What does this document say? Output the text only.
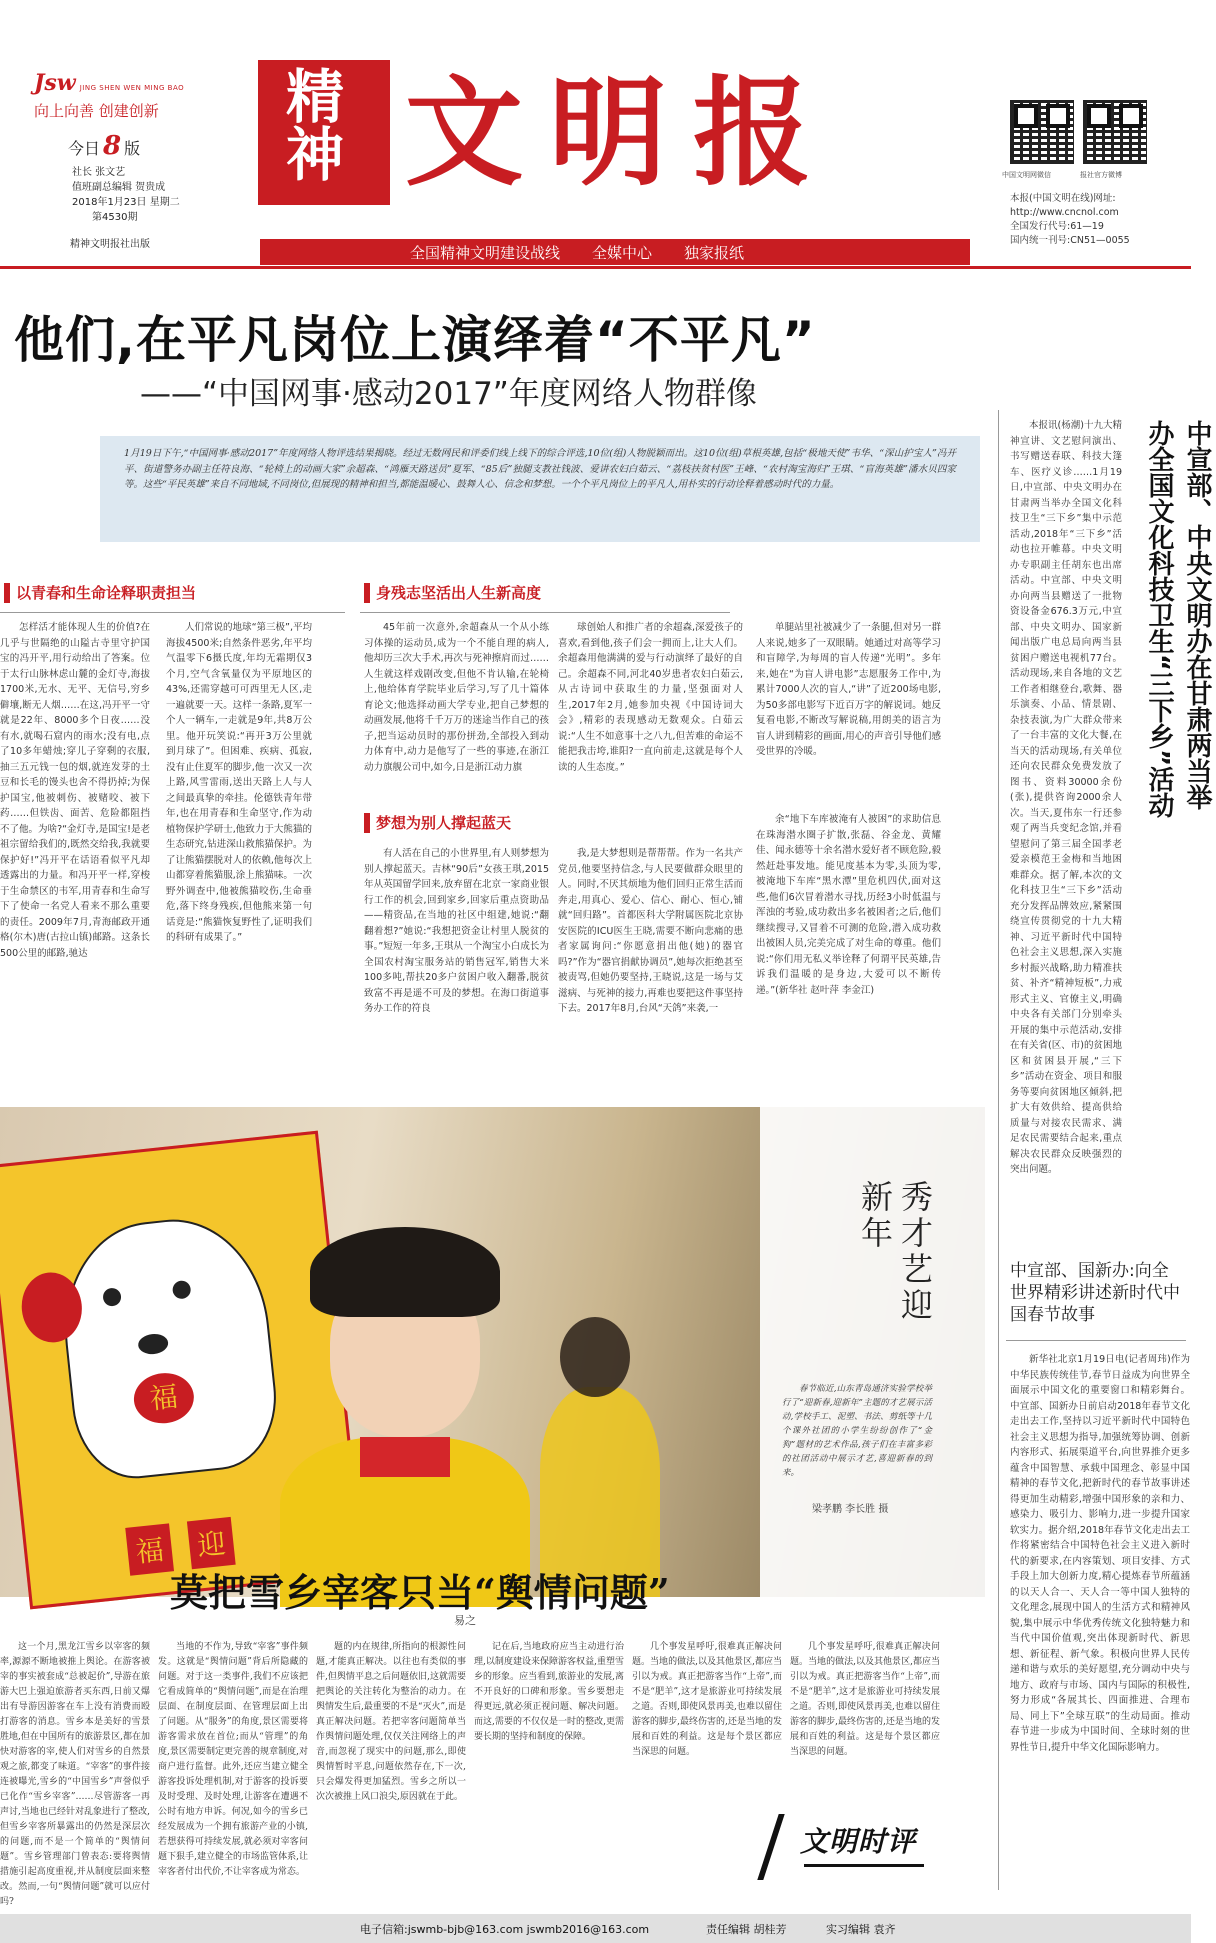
Jsw JING SHEN WEN MING BAO
向上向善 创建创新
今日 8 版
社长 张文艺
值班副总编辑 贺贵成
2018年1月23日 星期二
第4530期
精神文明报社出版
精神 文明报	中国文明网微信	报社官方微博
本报(中国文明在线)网址:
http://www.cncnol.com
全国发行代号:61—19
国内统一刊号:CN51—0055
全国精神文明建设战线 全媒中心 独家报纸
他们,在平凡岗位上演绎着“不平凡”
——“中国网事·感动2017”年度网络人物群像
1月19日下午,“中国网事·感动2017”年度网络人物评选结果揭晓。经过无数网民和评委们线上线下的综合评选,10位(组)人物脱颖而出。这10位(组)草根英雄,包括“极地天使”韦华、“深山护宝人”冯开平、街道警务办副主任符良海、“轮椅上的动画大家”余超森、“鸿雁天路送员”夏军、“85后”独腿支教社钱波、爱讲农妇白茹云、“荔枝扶贫村医”王峰、“农村淘宝海归”王琪、“盲海英雄”潘水贝四家等。这些“平民英雄”来自不同地域,不同岗位,但展现的精神和担当,都能温暖心、鼓舞人心、信念和梦想。一个个平凡岗位上的平凡人,用朴实的行动诠释着感动时代的力量。
以青春和生命诠释职责担当

怎样活才能体现人生的价值?在几乎与世隔绝的山隘古寺里守护国宝的冯开平,用行动给出了答案。位于太行山脉林虑山麓的金灯寺,海拔1700米,无水、无平、无信号,穷乡僻壤,断无人烟……在这,冯开平一守就是22年、8000多个日夜……没有水,就喝石窟内的雨水;没有电,点了10多年蜡烛;穿儿子穿剩的衣服,抽三五元钱一包的烟,就连发芽的土豆和长毛的馒头也舍不得扔掉;为保护国宝,他被刺伤、被赌咬、被下药……但铁齿、面苦、危险都阻挡不了他。为啥?“金灯寺,是国宝!是老祖宗留给我们的,既然交给我,我就要保护好!”冯开平在话语看似平凡却透露出的力量。和冯开平一样,穿梭于生命禁区的韦军,用青春和生命写下了使命一名党人看来不那么重要的责任。2009年7月,青海邮政开通格(尔木)唐(古拉山镇)邮路。这条长500公里的邮路,驰达

人们常说的地球“第三极”,平均海拔4500米;自然条件恶劣,年平均气温零下6摄氏度,年均无霜期仅3个月,空气含氧量仅为平原地区的43%,还需穿越可可西里无人区,走一遍就要一天。这样一条路,夏军一个人一辆车,一走就是9年,共8万公里。他开玩笑说:“再开3万公里就到月球了”。但困难、疾病、孤寂,没有止住夏军的脚步,他一次又一次上路,风雪雷雨,送出天路上人与人之间最真挚的牵挂。伦德铁青年带年,也在用青春和生命坚守,作为动植物保护学研士,他致力于大熊猫的生态研究,钻进深山救熊猫保护。为了让熊猫摆脱对人的依赖,他每次上山都穿着熊猫服,涂上熊猫味。一次野外调查中,他被熊猫咬伤,生命垂危,落下终身残疾,但他熊来第一句话竟是:“熊猫恢复野性了,证明我们的科研有成果了。”

身残志坚活出人生新高度

45年前一次意外,余超森从一个从小练习体操的运动员,成为一个不能自理的病人,他却历三次大手术,再次与死神擦肩而过……人生就这样戏剧改变,但他不肯认输,在轮椅上,他给体育学院毕业后学习,写了几十篇体育论文;他选择动画大学专业,把自己梦想的动画发展,他将千千万万的迷途当作自己的孩子,把当运动员时的那份拼劲,全部投入到动力体育中,动力是他写了一些的事迹,在浙江动力旗舰公司中,如今,日是浙江动力旗

球创始人和推广者的余超森,深爱孩子的喜欢,看到他,孩子们会一拥而上,让大人们。余超森用他满满的爱与行动演绎了最好的自己。余超森不同,河北40岁患者农妇白茹云,从古诗词中获取生的力量,坚强面对人生,2017年2月,她参加央视《中国诗词大会》,精彩的表现感动无数观众。白茹云说:“人生不如意事十之八九,但苦难的命运不能把我击垮,谁阳?一直向前走,这就是每个人读的人生态度。”

梦想为别人撑起蓝天

有人活在自己的小世界里,有人则梦想为别人撑起蓝天。吉林“90后”女孩王琪,2015年从英国留学回来,放弃留在北京一家商业银行工作的机会,回到家乡,回家后重点资助品——精资品,在当地的社区中组建,她说:“翻翻着想?”她说:“我想把资金让村里人脱贫的事。”短短一年多,王琪从一个淘宝小白成长为全国农村淘宝服务站的销售冠军,销售大米100多吨,帮扶20多户贫困户收入翻番,脱贫致富不再是遥不可及的梦想。在海口街道事务办工作的符良

我,是大梦想则是帮帮帮。作为一名共产党员,他要坚持信念,与人民要做群众眼里的人。同时,不厌其烦地为他们回归正常生活而奔走,用真心、爱心、信心、耐心、恒心,铺就“回归路”。首都医科大学附属医院北京协安医院的ICU医生王晓,需要不断向悲痛的患者家属询问:“你愿意捐出他(她)的器官吗?”作为“器官捐献协调员”,她每次拒绝甚至被责骂,但她仍要坚持,王晓说,这是一场与艾滋病、与死神的接力,再难也要把这件事坚持下去。2017年8月,台风“天鸽”来袭,一

单腿站里社被减少了一条腿,但对另一群人来说,她多了一双眼睛。她通过对高等学习和盲障学,为每周的盲人传递“光明”。多年来,她在“为盲人讲电影”志愿服务工作中,为累计7000人次的盲人,“讲”了近200场电影,为50多部电影写下近百万字的解说词。她反复看电影,不断改写解说稿,用朗美的语言为盲人讲到精彩的画面,用心的声音引导他们感受世界的冷暖。

余“地下车库被淹有人被困”的求助信息在珠海潜水圈子扩散,张磊、谷金龙、黄耀佳、闻永德等十余名潜水爱好者不顾危险,毅然赶赴事发地。能见度基本为零,头顶为零,被淹地下车库“黑水潭”里危机四伏,面对这些,他们6次冒着潜水寻找,历经3小时低温与浑浊的考验,成功救出多名被困者;之后,他们继续搜寻,又冒着不可测的危险,潜入成功救出被困人员,完美完成了对生命的尊重。他们说:“你们用无私义举诠释了何谓平民英雄,告诉我们温暖的是身边,大爱可以不断传递。”(新华社 赵叶萍 李金江)

中宣部、中央文明办在甘肃两当举办全国文化科技卫生“三下乡”活动

本报讯(杨潮)十九大精神宣讲、文艺慰问演出、书写赠送春联、科技大篷车、医疗义诊……1月19日,中宣部、中央文明办在甘肃两当举办全国文化科技卫生“三下乡”集中示范活动,2018年“三下乡”活动也拉开帷幕。中央文明办专职副主任胡东也出席活动。中宣部、中央文明办向两当县赠送了一批物资设备金676.3万元,中宣部、中央文明办、国家新闻出版广电总局向两当县贫困户赠送电视机77台。活动现场,来自各地的文艺工作者相继登台,歌舞、器乐演奏、小品、情景剧、杂技表演,为广大群众带来了一台丰富的文化大餐,在当天的活动现场,有关单位还向农民群众免费发放了图书、资料30000余份(张),提供咨询2000余人次。当天,夏伟东一行还参观了两当兵变纪念馆,并看望慰问了第三届全国孝老爱亲模范王金梅和当地困难群众。据了解,本次的文化科技卫生“三下乡”活动充分发挥品牌效应,紧紧围绕宣传贯彻党的十九大精神、习近平新时代中国特色社会主义思想,深入实施乡村振兴战略,助力精准扶贫、补齐“精神短板”,力戒形式主义、官僚主义,明确中央各有关部门分别牵头开展的集中示范活动,安排在有关省(区、市)的贫困地区和贫困县开展,“三下乡”活动在资金、项目和服务等要向贫困地区倾斜,把扩大有效供给、提高供给质量与对接农民需求、满足农民需要结合起来,重点解决农民群众反映强烈的突出问题。

中宣部、国新办:向全世界精彩讲述新时代中国春节故事

新华社北京1月19日电(记者周玮)作为中华民族传统佳节,春节日益成为向世界全面展示中国文化的重要窗口和精彩舞台。中宣部、国新办日前启动2018年春节文化走出去工作,坚持以习近平新时代中国特色社会主义思想为指导,加强统筹协调、创新内容形式、拓展渠道平台,向世界推介更多蕴含中国智慧、承载中国理念、彰显中国精神的春节文化,把新时代的春节故事讲述得更加生动精彩,增强中国形象的亲和力、感染力、吸引力、影响力,进一步提升国家软实力。据介绍,2018年春节文化走出去工作将紧密结合中国特色社会主义进入新时代的新要求,在内容策划、项目安排、方式手段上加大创新力度,精心提炼春节所蕴涵的以天人合一、天人合一等中国人独特的文化理念,展现中国人的生活方式和精神风貌,集中展示中华优秀传统文化独特魅力和当代中国价值观,突出体现新时代、新思想、新征程、新气象。积极向世界人民传递和谐与欢乐的美好愿望,充分调动中央与地方、政府与市场、国内与国际的积极性,努力形成“各展其长、四面推进、合理布局、同上下”全球互联”的生动局面。推动春节进一步成为中国时间、全球时刻的世界性节日,提升中华文化国际影响力。

福
福	迎
秀才艺迎新年

春节临近,山东青岛通济实验学校举行了“迎新春,迎新年”主题的才艺展示活动,学校手工、泥塑、书法、剪纸等十几个课外社团的小学生纷纷创作了“金狗”题材的艺术作品,孩子们在丰富多彩的社团活动中展示才艺,喜迎新春的到来。

梁孝鹏 李长胜 摄
莫把雪乡宰客只当“舆情问题”
易之

这一个月,黑龙江雪乡以宰客的频率,源源不断地被推上舆论。在游客被宰的事实被套成“总被起价”,导游在旅游大巴上强迫旅游者买东西,日前又爆出有导游因游客在车上没有消费而殴打游客的消息。雪乡本是美好的雪景胜地,但在中国所有的旅游景区,都在加快对游客的宰,使人们对雪乡的自然景观之旅,都变了味道。“宰客”的事件接连被曝光,雪乡的“中国雪乡”声誉似乎已化作“雪乡宰客”……尽管游客一再声讨,当地也已经针对乱象进行了整改,但雪乡宰客所暴露出的仍然是深层次的问题,而不是一个简单的“舆情问题”。雪乡管理部门曾表态:要将舆情措施引起高度重视,并从制度层面来整改。然而,一句“舆情问题”就可以应付吗?

当地的不作为,导致“宰客”事件频发。这就是“舆情问题”背后所隐藏的问题。对于这一类事件,我们不应该把它看成简单的“舆情问题”,而是在治理层面、在制度层面、在管理层面上出了问题。从“服务”的角度,景区需要将游客需求放在首位;而从“管理”的角度,景区需要制定更完善的规章制度,对商户进行监督。此外,还应当建立健全游客投诉处理机制,对于游客的投诉要及时受理、及时处理,让游客在遭遇不公时有地方申诉。何况,如今的雪乡已经发展成为一个拥有旅游产业的小镇,若想获得可持续发展,就必须对宰客问题下狠手,建立健全的市场监管体系,让宰客者付出代价,不让宰客成为常态。

题的内在规律,所指向的根源性问题,才能真正解决。以往也有类似的事件,但舆情平息之后问题依旧,这就需要把舆论的关注转化为整治的动力。在舆情发生后,最重要的不是“灭火”,而是真正解决问题。若把宰客问题简单当作舆情问题处理,仅仅关注网络上的声音,而忽视了现实中的问题,那么,即使舆情暂时平息,问题依然存在,下一次,只会爆发得更加猛烈。雪乡之所以一次次被推上风口浪尖,原因就在于此。

记在后,当地政府应当主动进行治理,以制度建设来保障游客权益,重塑雪乡的形象。应当看到,旅游业的发展,离不开良好的口碑和形象。雪乡要想走得更远,就必须正视问题、解决问题。而这,需要的不仅仅是一时的整改,更需要长期的坚持和制度的保障。

几个事发星呼吁,很难真正解决问题。当地的做法,以及其他景区,都应当引以为戒。真正把游客当作“上帝”,而不是“肥羊”,这才是旅游业可持续发展之道。否则,即使风景再美,也难以留住游客的脚步,最终伤害的,还是当地的发展和百姓的利益。这是每个景区都应当深思的问题。

几个事发星呼吁,很难真正解决问题。当地的做法,以及其他景区,都应当引以为戒。真正把游客当作“上帝”,而不是“肥羊”,这才是旅游业可持续发展之道。否则,即使风景再美,也难以留住游客的脚步,最终伤害的,还是当地的发展和百姓的利益。这是每个景区都应当深思的问题。

文明时评
电子信箱:jswmb-bjb@163.com jswmb2016@163.com	责任编辑 胡桂芳	实习编辑 袁齐
